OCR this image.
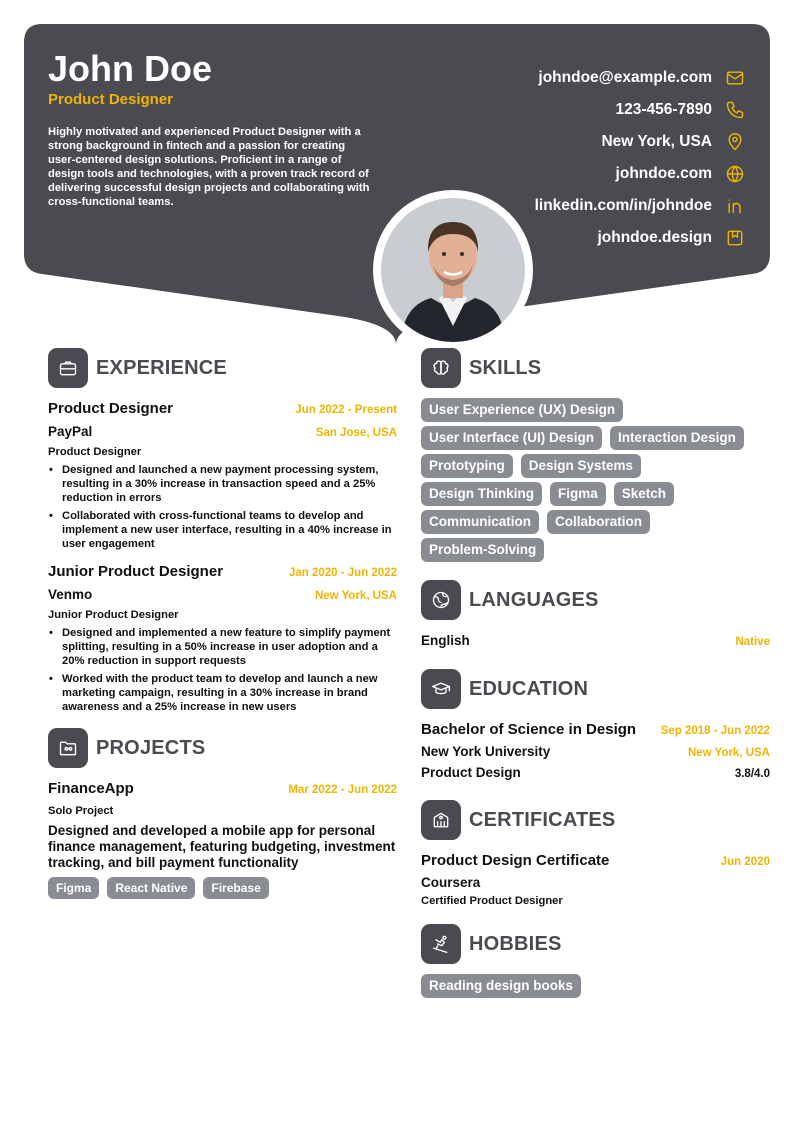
John Doe
Product Designer
Highly motivated and experienced Product Designer with a strong background in fintech and a passion for creating user-centered design solutions. Proficient in a range of design tools and technologies, with a proven track record of delivering successful design projects and collaborating with cross-functional teams.
johndoe@example.com
123-456-7890
New York, USA
johndoe.com
linkedin.com/in/johndoe
johndoe.design
EXPERIENCE
Product Designer	Jun 2022 - Present
PayPal	San Jose, USA
Product Designer
• Designed and launched a new payment processing system, resulting in a 30% increase in transaction speed and a 25% reduction in errors
• Collaborated with cross-functional teams to develop and implement a new user interface, resulting in a 40% increase in user engagement
Junior Product Designer	Jan 2020 - Jun 2022
Venmo	New York, USA
Junior Product Designer
• Designed and implemented a new feature to simplify payment splitting, resulting in a 50% increase in user adoption and a 20% reduction in support requests
• Worked with the product team to develop and launch a new marketing campaign, resulting in a 30% increase in brand awareness and a 25% increase in new users
PROJECTS
FinanceApp	Mar 2022 - Jun 2022
Solo Project
Designed and developed a mobile app for personal finance management, featuring budgeting, investment tracking, and bill payment functionality
Figma	React Native	Firebase
SKILLS
User Experience (UX) Design
User Interface (UI) Design	Interaction Design
Prototyping	Design Systems
Design Thinking	Figma	Sketch
Communication	Collaboration
Problem-Solving
LANGUAGES
English	Native
EDUCATION
Bachelor of Science in Design Sep 2018 - Jun 2022
New York University	New York, USA
Product Design	3.8/4.0
CERTIFICATES
Product Design Certificate	Jun 2020
Coursera
Certified Product Designer
HOBBIES
Reading design books
